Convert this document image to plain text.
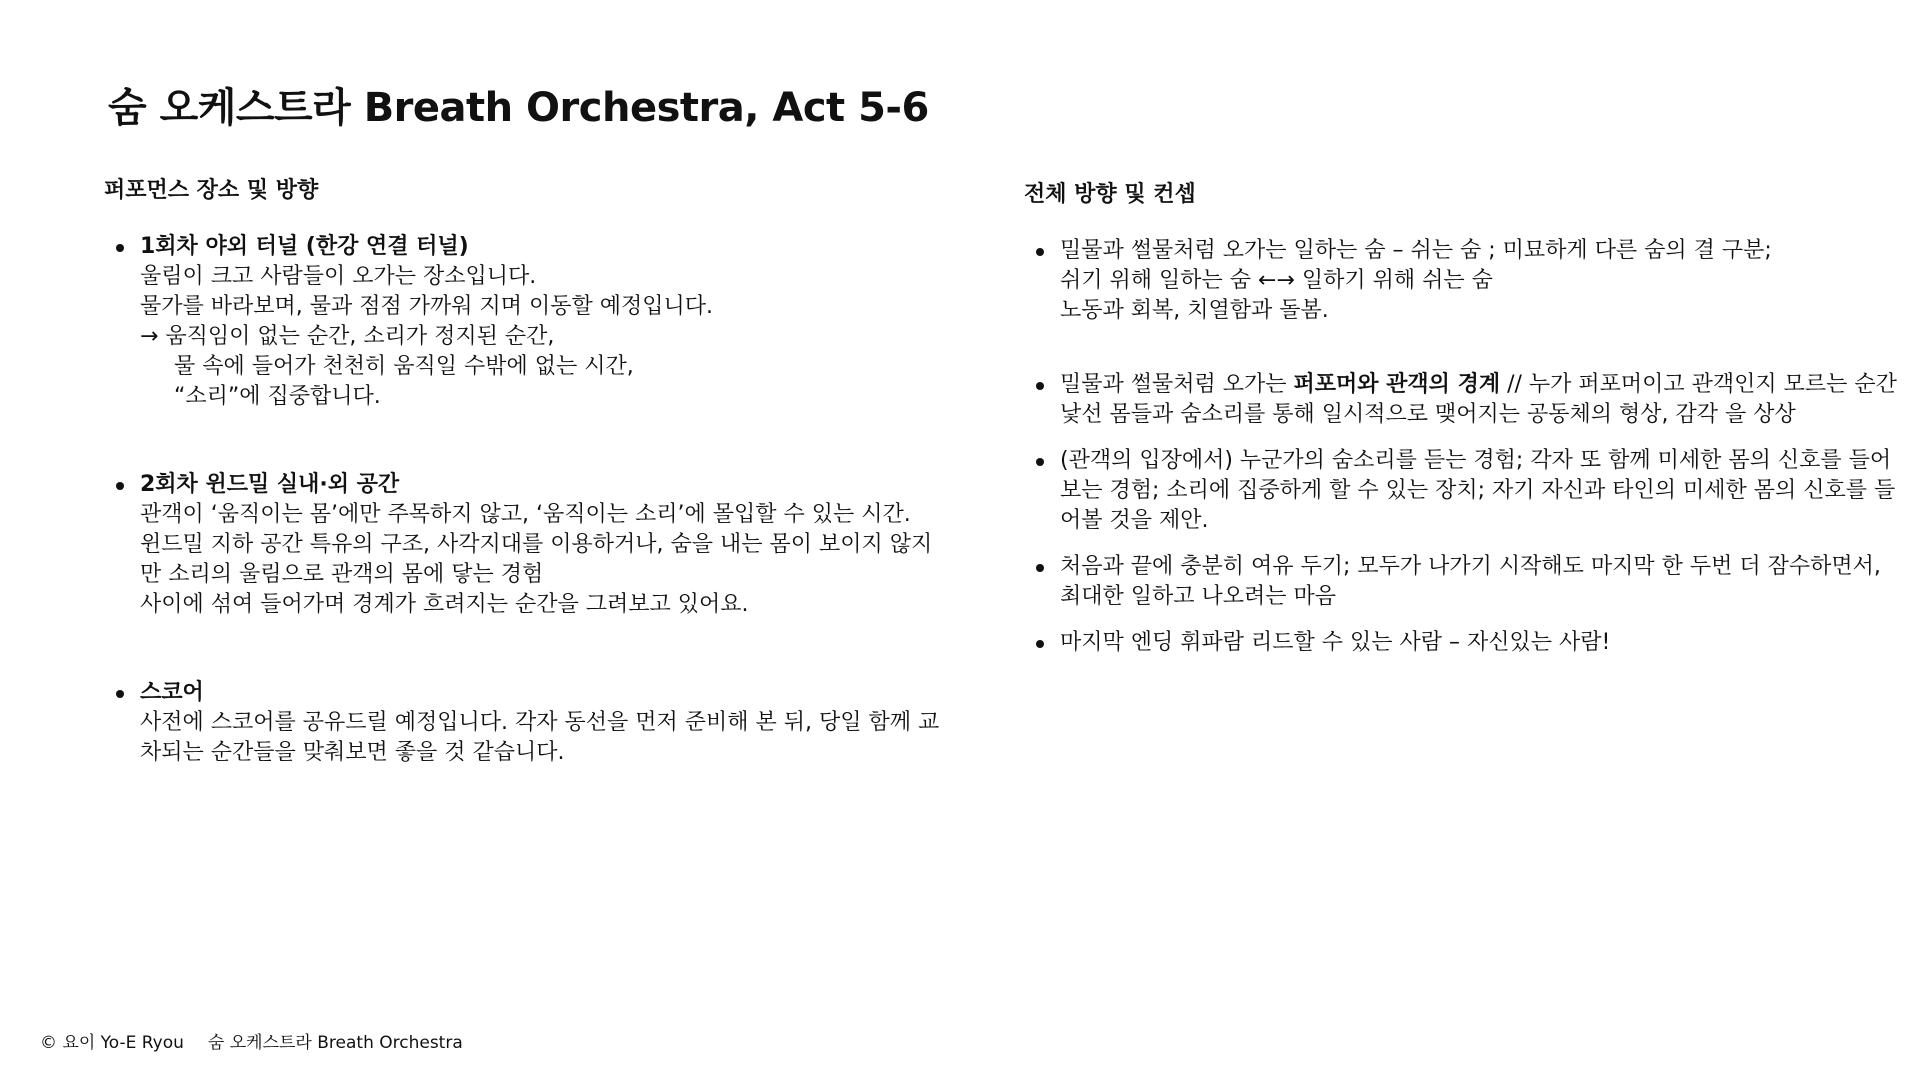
숨 오케스트라 Breath Orchestra, Act 5-6
퍼포먼스 장소 및 방향
1회차 야외 터널 (한강 연결 터널)
울림이 크고 사람들이 오가는 장소입니다.
물가를 바라보며, 물과 점점 가까워 지며 이동할 예정입니다.
→ 움직임이 없는 순간, 소리가 정지된 순간,
물 속에 들어가 천천히 움직일 수밖에 없는 시간,
“소리”에 집중합니다.
2회차 윈드밀 실내·외 공간
관객이 ‘움직이는 몸’에만 주목하지 않고, ‘움직이는 소리’에 몰입할 수 있는 시간.
윈드밀 지하 공간 특유의 구조, 사각지대를 이용하거나, 숨을 내는 몸이 보이지 않지
만 소리의 울림으로 관객의 몸에 닿는 경험
사이에 섞여 들어가며 경계가 흐려지는 순간을 그려보고 있어요.
스코어
사전에 스코어를 공유드릴 예정입니다. 각자 동선을 먼저 준비해 본 뒤, 당일 함께 교
차되는 순간들을 맞춰보면 좋을 것 같습니다.
전체 방향 및 컨셉
밀물과 썰물처럼 오가는 일하는 숨 – 쉬는 숨 ; 미묘하게 다른 숨의 결 구분;
쉬기 위해 일하는 숨 ←→ 일하기 위해 쉬는 숨
노동과 회복, 치열함과 돌봄.
밀물과 썰물처럼 오가는 퍼포머와 관객의 경계 // 누가 퍼포머이고 관객인지 모르는 순간
낯선 몸들과 숨소리를 통해 일시적으로 맺어지는 공동체의 형상, 감각 을 상상
(관객의 입장에서) 누군가의 숨소리를 듣는 경험; 각자 또 함께 미세한 몸의 신호를 들어
보는 경험; 소리에 집중하게 할 수 있는 장치; 자기 자신과 타인의 미세한 몸의 신호를 들
어볼 것을 제안.
처음과 끝에 충분히 여유 두기; 모두가 나가기 시작해도 마지막 한 두번 더 잠수하면서,
최대한 일하고 나오려는 마음
마지막 엔딩 휘파람 리드할 수 있는 사람 – 자신있는 사람!
© 요이 Yo-E Ryou 숨 오케스트라 Breath Orchestra
